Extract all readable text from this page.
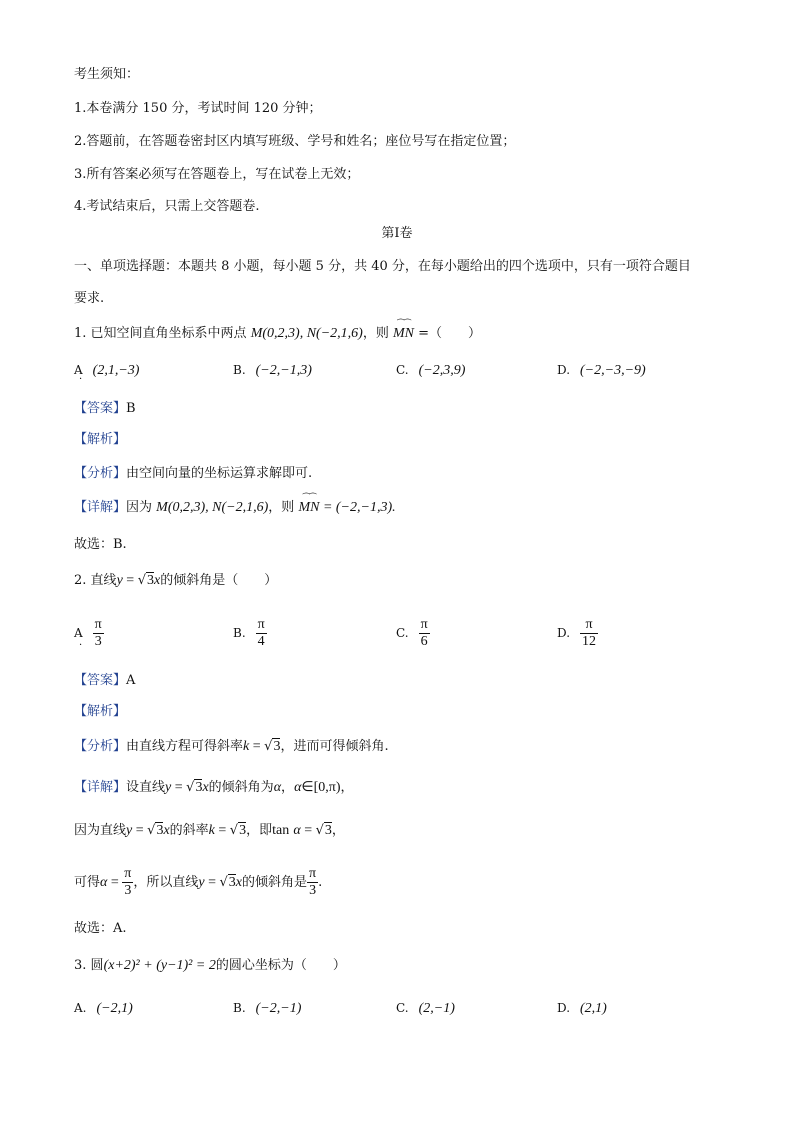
考生须知：
1.本卷满分 150 分，考试时间 120 分钟；
2.答题前，在答题卷密封区内填写班级、学号和姓名；座位号写在指定位置；
3.所有答案必须写在答题卷上，写在试卷上无效；
4.考试结束后，只需上交答题卷.
第Ⅰ卷
一、单项选择题：本题共 8 小题，每小题 5 分，共 40 分，在每小题给出的四个选项中，只有一项符合题目
要求.
1. 已知空间直角坐标系中两点 M(0,2,3), N(−2,1,6)，则
⏜⏜
MN =（　　）
A (2,1,−3)	B. (−2,−1,3)	C. (−2,3,9)	D. (−2,−3,−9)
·
【答案】B
【解析】
【分析】由空间向量的坐标运算求解即可.
【详解】因为 M(0,2,3), N(−2,1,6)，则
⏜⏜
MN = (−2,−1,3).
故选：B.
2. 直线y = √3x的倾斜角是（　　）
A $\frac{\pi}{3}$	B. $\frac{\pi}{4}$	C. $\frac{\pi}{6}$	D. $\frac{\pi}{12}$
·
【答案】A
【解析】
【分析】由直线方程可得斜率k = √3，进而可得倾斜角.
【详解】设直线y = √3x的倾斜角为α，α∈[0,π)，
因为直线y = √3x的斜率k = √3，即tan α = √3，
可得$\alpha = \frac{\pi}{3}$ ，所以直线y = √3x的倾斜角是 $\frac{\pi}{3}$ .
故选：A.
3. 圆(x+2)² + (y−1)² = 2的圆心坐标为（　　）
A. (−2,1)	B. (−2,−1)	C. (2,−1)	D. (2,1)
